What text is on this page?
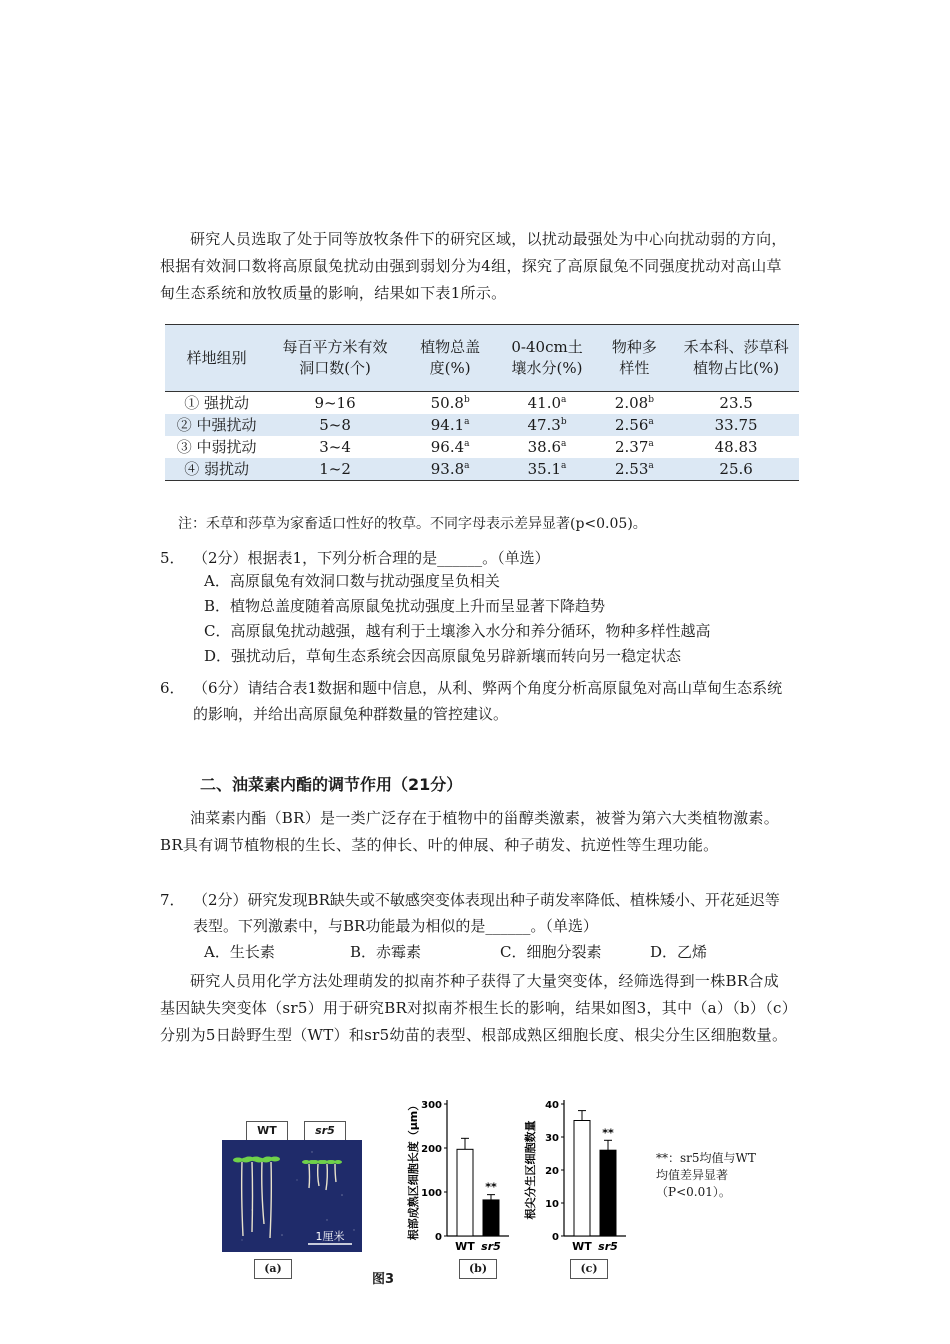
研究人员选取了处于同等放牧条件下的研究区域，以扰动最强处为中心向扰动弱的方向，根据有效洞口数将高原鼠兔扰动由强到弱划分为4组，探究了高原鼠兔不同强度扰动对高山草甸生态系统和放牧质量的影响，结果如下表1所示。

样地组别	每百平方米有效洞口数(个)	植物总盖度(%)	0-40cm土壤水分(%)	物种多样性	禾本科、莎草科植物占比(%)
① 强扰动	9~16	50.8$^b$	41.0$^a$	2.08$^b$	23.5
② 中强扰动	5~8	94.1$^a$	47.3$^b$	2.56$^a$	33.75
③ 中弱扰动	3~4	96.4$^a$	38.6$^a$	2.37$^a$	48.83
④ 弱扰动	1~2	93.8$^a$	35.1$^a$	2.53$^a$	25.6

注：禾草和莎草为家畜适口性好的牧草。不同字母表示差异显著(p<0.05)。

5． （2分）根据表1，下列分析合理的是______。（单选）

A．高原鼠兔有效洞口数与扰动强度呈负相关

B．植物总盖度随着高原鼠兔扰动强度上升而呈显著下降趋势

C．高原鼠兔扰动越强，越有利于土壤渗入水分和养分循环，物种多样性越高

D．强扰动后，草甸生态系统会因高原鼠兔另辟新壤而转向另一稳定状态

6． （6分）请结合表1数据和题中信息，从利、弊两个角度分析高原鼠兔对高山草甸生态系统的影响，并给出高原鼠兔种群数量的管控建议。

二、油菜素内酯的调节作用（21分）

油菜素内酯（BR）是一类广泛存在于植物中的甾醇类激素，被誉为第六大类植物激素。BR具有调节植物根的生长、茎的伸长、叶的伸展、种子萌发、抗逆性等生理功能。

7． （2分）研究发现BR缺失或不敏感突变体表现出种子萌发率降低、植株矮小、开花延迟等表型。下列激素中，与BR功能最为相似的是______。（单选）
A．生长素	B．赤霉素	C．细胞分裂素	D．乙烯

研究人员用化学方法处理萌发的拟南芥种子获得了大量突变体，经筛选得到一株BR合成基因缺失突变体（sr5）用于研究BR对拟南芥根生长的影响，结果如图3，其中（a）（b）（c）分别为5日龄野生型（WT）和sr5幼苗的表型、根部成熟区细胞长度、根尖分生区细胞数量。

WT	sr5
1厘米
(a)
根部成熟区细胞长度（μm） 0
100
200
300
WT sr5
**
(b)
根尖分生区细胞数量
0
10
20
30
40
WT sr5
**
(c)
图3
**：sr5均值与WT均值差异显著（P<0.01）。
